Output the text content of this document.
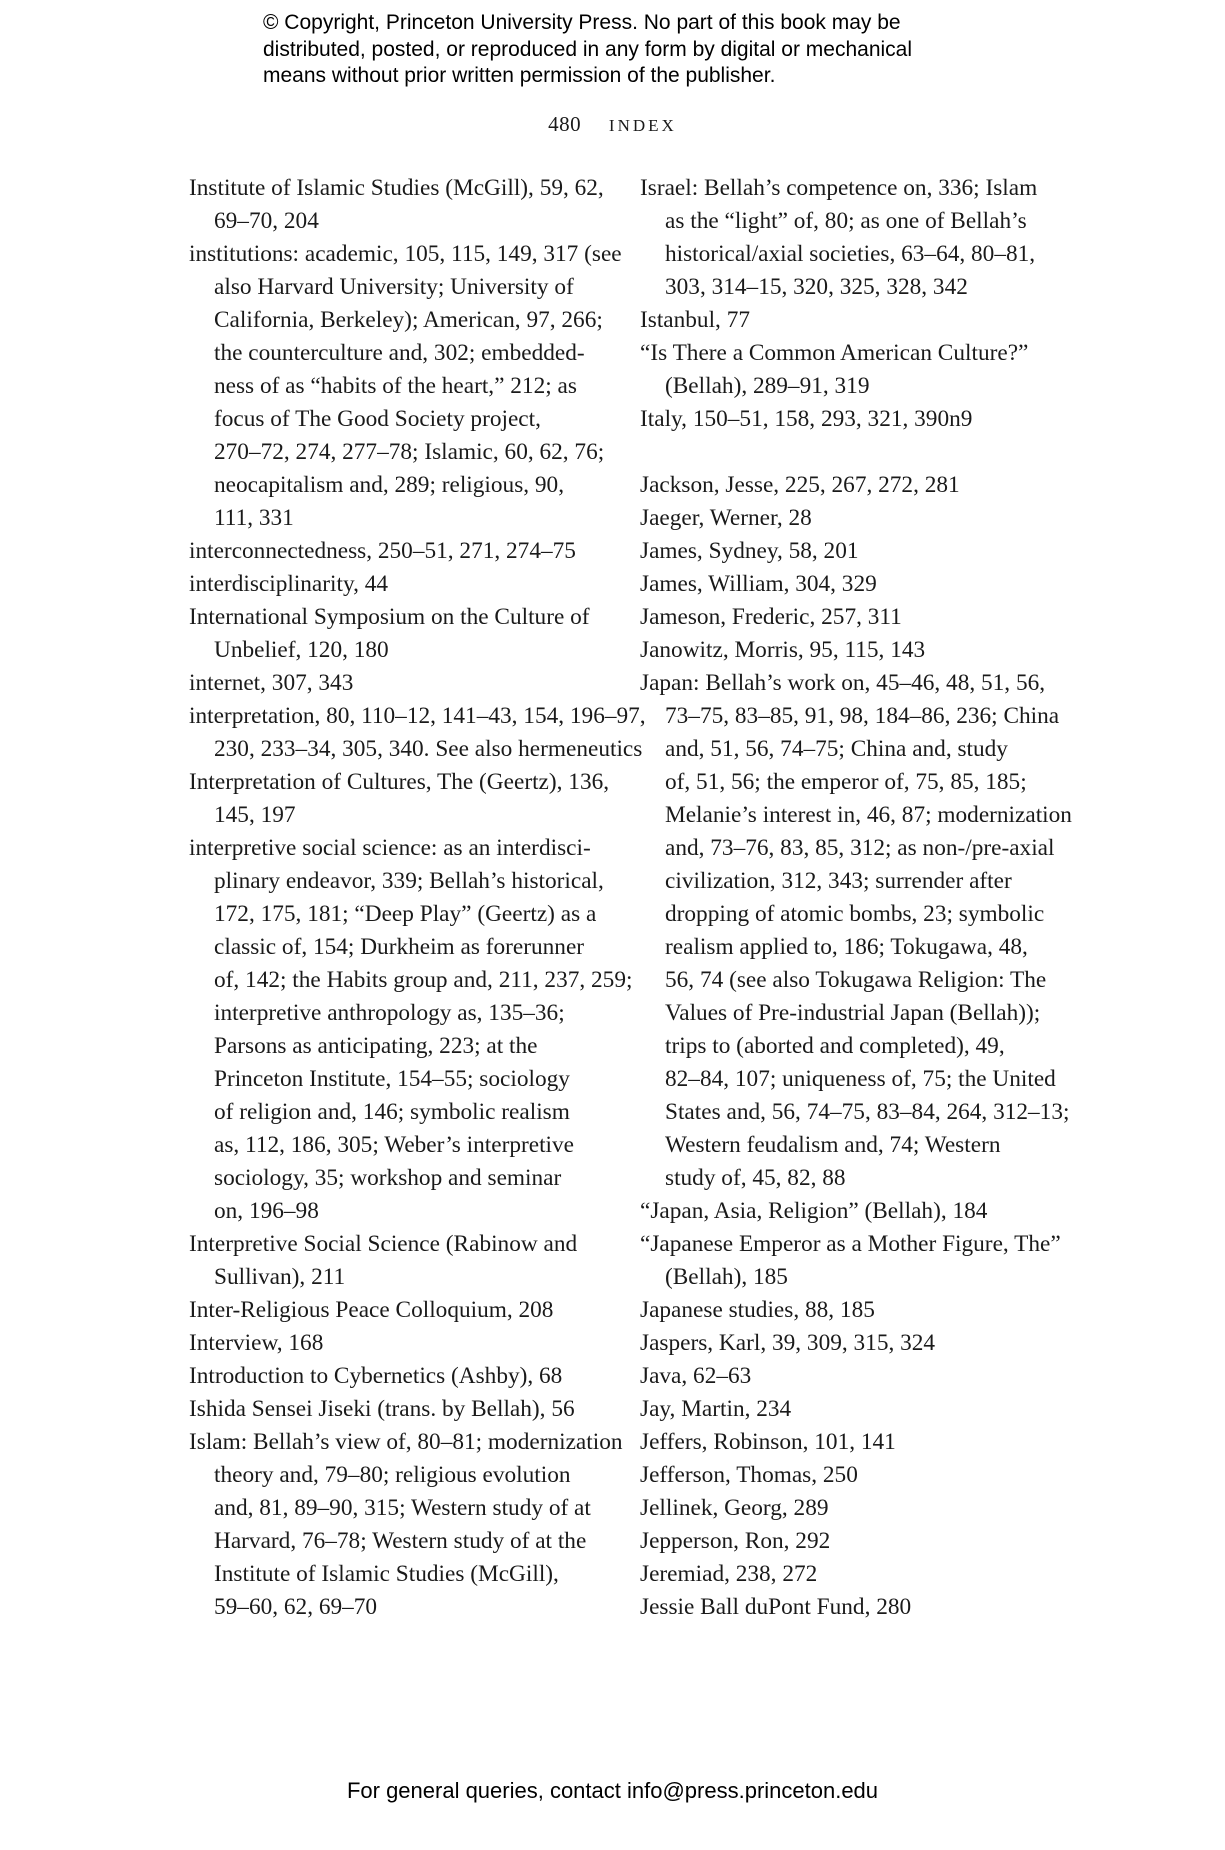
© Copyright, Princeton University Press. No part of this book may be
distributed, posted, or reproduced in any form by digital or mechanical
means without prior written permission of the publisher.
480 INDEX
Institute of Islamic Studies (McGill), 59, 62,
69–70, 204
institutions: academic, 105, 115, 149, 317 (see
also Harvard University; University of
California, Berkeley); American, 97, 266;
the counterculture and, 302; embedded-
ness of as “habits of the heart,” 212; as
focus of The Good Society project,
270–72, 274, 277–78; Islamic, 60, 62, 76;
neocapitalism and, 289; religious, 90,
111, 331
interconnectedness, 250–51, 271, 274–75
interdisciplinarity, 44
International Symposium on the Culture of
Unbelief, 120, 180
internet, 307, 343
interpretation, 80, 110–12, 141–43, 154, 196–97,
230, 233–34, 305, 340. See also hermeneutics
Interpretation of Cultures, The (Geertz), 136,
145, 197
interpretive social science: as an interdisci-
plinary endeavor, 339; Bellah’s historical,
172, 175, 181; “Deep Play” (Geertz) as a
classic of, 154; Durkheim as forerunner
of, 142; the Habits group and, 211, 237, 259;
interpretive anthropology as, 135–36;
Parsons as anticipating, 223; at the
Princeton Institute, 154–55; sociology
of religion and, 146; symbolic realism
as, 112, 186, 305; Weber’s interpretive
sociology, 35; workshop and seminar
on, 196–98
Interpretive Social Science (Rabinow and
Sullivan), 211
Inter-Religious Peace Colloquium, 208
Interview, 168
Introduction to Cybernetics (Ashby), 68
Ishida Sensei Jiseki (trans. by Bellah), 56
Islam: Bellah’s view of, 80–81; modernization
theory and, 79–80; religious evolution
and, 81, 89–90, 315; Western study of at
Harvard, 76–78; Western study of at the
Institute of Islamic Studies (McGill),
59–60, 62, 69–70
Israel: Bellah’s competence on, 336; Islam
as the “light” of, 80; as one of Bellah’s
historical/axial societies, 63–64, 80–81,
303, 314–15, 320, 325, 328, 342
Istanbul, 77
“Is There a Common American Culture?”
(Bellah), 289–91, 319
Italy, 150–51, 158, 293, 321, 390n9
Jackson, Jesse, 225, 267, 272, 281
Jaeger, Werner, 28
James, Sydney, 58, 201
James, William, 304, 329
Jameson, Frederic, 257, 311
Janowitz, Morris, 95, 115, 143
Japan: Bellah’s work on, 45–46, 48, 51, 56,
73–75, 83–85, 91, 98, 184–86, 236; China
and, 51, 56, 74–75; China and, study
of, 51, 56; the emperor of, 75, 85, 185;
Melanie’s interest in, 46, 87; modernization
and, 73–76, 83, 85, 312; as non-/pre-axial
civilization, 312, 343; surrender after
dropping of atomic bombs, 23; symbolic
realism applied to, 186; Tokugawa, 48,
56, 74 (see also Tokugawa Religion: The
Values of Pre-industrial Japan (Bellah));
trips to (aborted and completed), 49,
82–84, 107; uniqueness of, 75; the United
States and, 56, 74–75, 83–84, 264, 312–13;
Western feudalism and, 74; Western
study of, 45, 82, 88
“Japan, Asia, Religion” (Bellah), 184
“Japanese Emperor as a Mother Figure, The”
(Bellah), 185
Japanese studies, 88, 185
Jaspers, Karl, 39, 309, 315, 324
Java, 62–63
Jay, Martin, 234
Jeffers, Robinson, 101, 141
Jefferson, Thomas, 250
Jellinek, Georg, 289
Jepperson, Ron, 292
Jeremiad, 238, 272
Jessie Ball duPont Fund, 280
For general queries, contact info@press.princeton.edu
